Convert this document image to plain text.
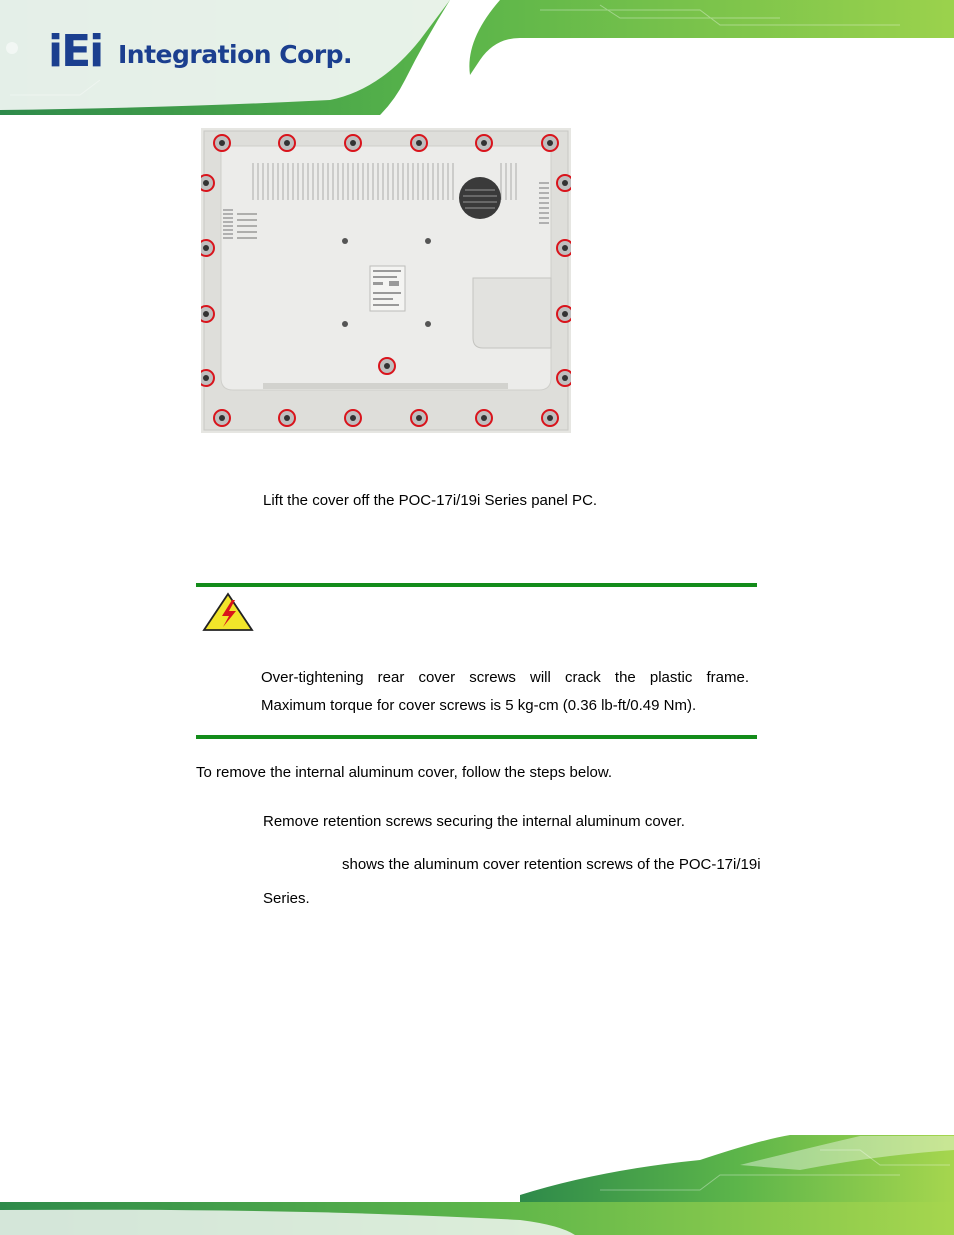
iEi Integration Corp.
Lift the cover off the POC-17i/19i Series panel PC.
Over-tightening rear cover screws will crack the plastic frame.
Maximum torque for cover screws is 5 kg-cm (0.36 lb-ft/0.49 Nm).
To remove the internal aluminum cover, follow the steps below.
Remove retention screws securing the internal aluminum cover.
shows the aluminum cover retention screws of the POC-17i/19i
Series.
